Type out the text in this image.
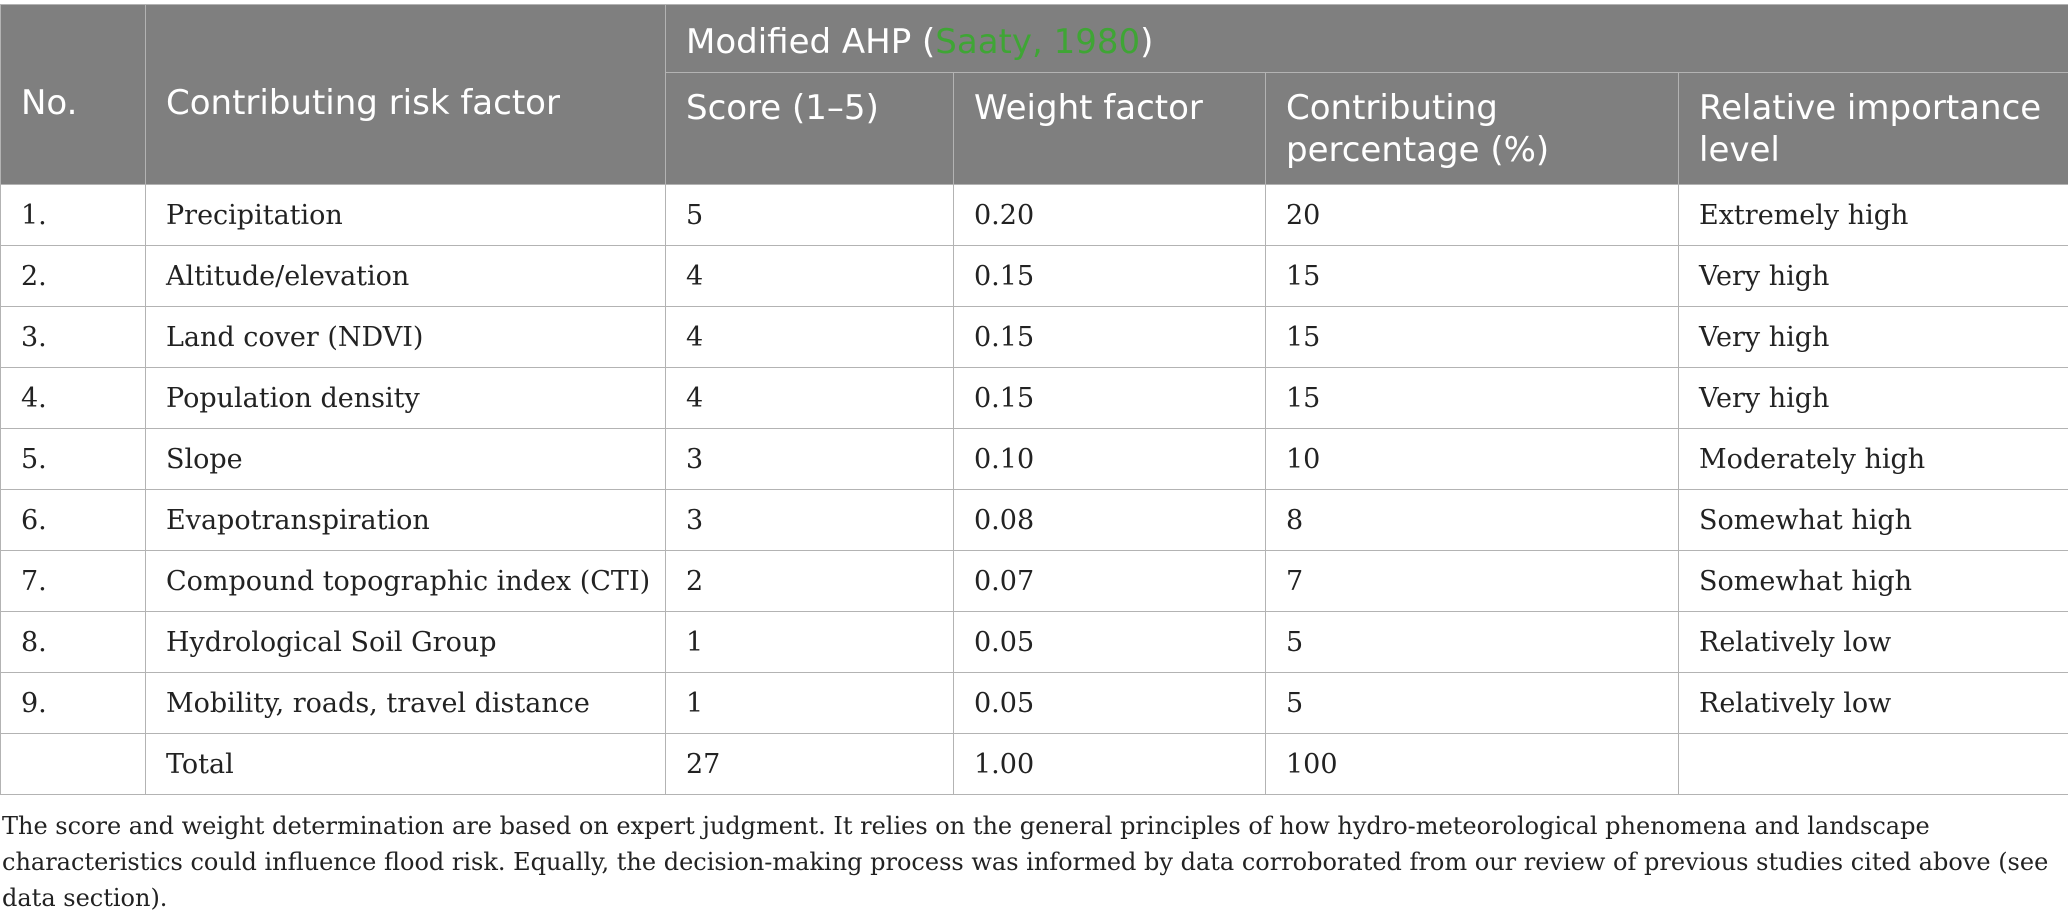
No.	Contributing risk factor	Modified AHP (Saaty, 1980)			
		Score (1–5)	Weight factor	Contributing percentage (%)	Relative importance level
1.	Precipitation	5	0.20	20	Extremely high
2.	Altitude/elevation	4	0.15	15	Very high
3.	Land cover (NDVI)	4	0.15	15	Very high
4.	Population density	4	0.15	15	Very high
5.	Slope	3	0.10	10	Moderately high
6.	Evapotranspiration	3	0.08	8	Somewhat high
7.	Compound topographic index (CTI)	2	0.07	7	Somewhat high
8.	Hydrological Soil Group	1	0.05	5	Relatively low
9.	Mobility, roads, travel distance	1	0.05	5	Relatively low
	Total	27	1.00	100	
The score and weight determination are based on expert judgment. It relies on the general principles of how hydro-meteorological phenomena and landscape characteristics could influence flood risk. Equally, the decision-making process was informed by data corroborated from our review of previous studies cited above (see data section).
